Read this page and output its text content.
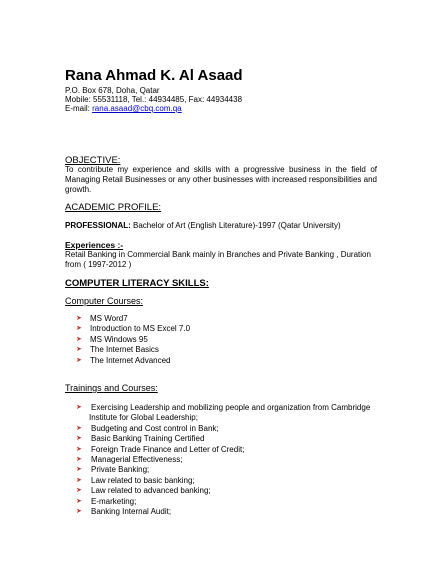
Rana Ahmad K. Al Asaad
P.O. Box 678, Doha, Qatar
Mobile: 55531118, Tel.: 44934485, Fax: 44934438
E-mail: rana.asaad@cbq.com.qa
OBJECTIVE:
To contribute my experience and skills with a progressive business in the field of Managing Retail Businesses or any other businesses with increased responsibilities and growth.
ACADEMIC PROFILE:
PROFESSIONAL: Bachelor of Art (English Literature)-1997 (Qatar University)
Experiences :-
Retail Banking in Commercial Bank mainly in Branches and Private Banking , Duration
from ( 1997-2012 )
COMPUTER LITERACY SKILLS:
Computer Courses:
➤ MS Word7
➤ Introduction to MS Excel 7.0
➤ MS Windows 95
➤ The Internet Basics
➤ The Internet Advanced
Trainings and Courses:
➤ Exercising Leadership and mobilizing people and organization from Cambridge
Institute for Global Leadership;
➤ Budgeting and Cost control in Bank;
➤ Basic Banking Training Certified
➤ Foreign Trade Finance and Letter of Credit;
➤ Managerial Effectiveness;
➤ Private Banking;
➤ Law related to basic banking;
➤ Law related to advanced banking;
➤ E-marketing;
➤ Banking Internal Audit;
